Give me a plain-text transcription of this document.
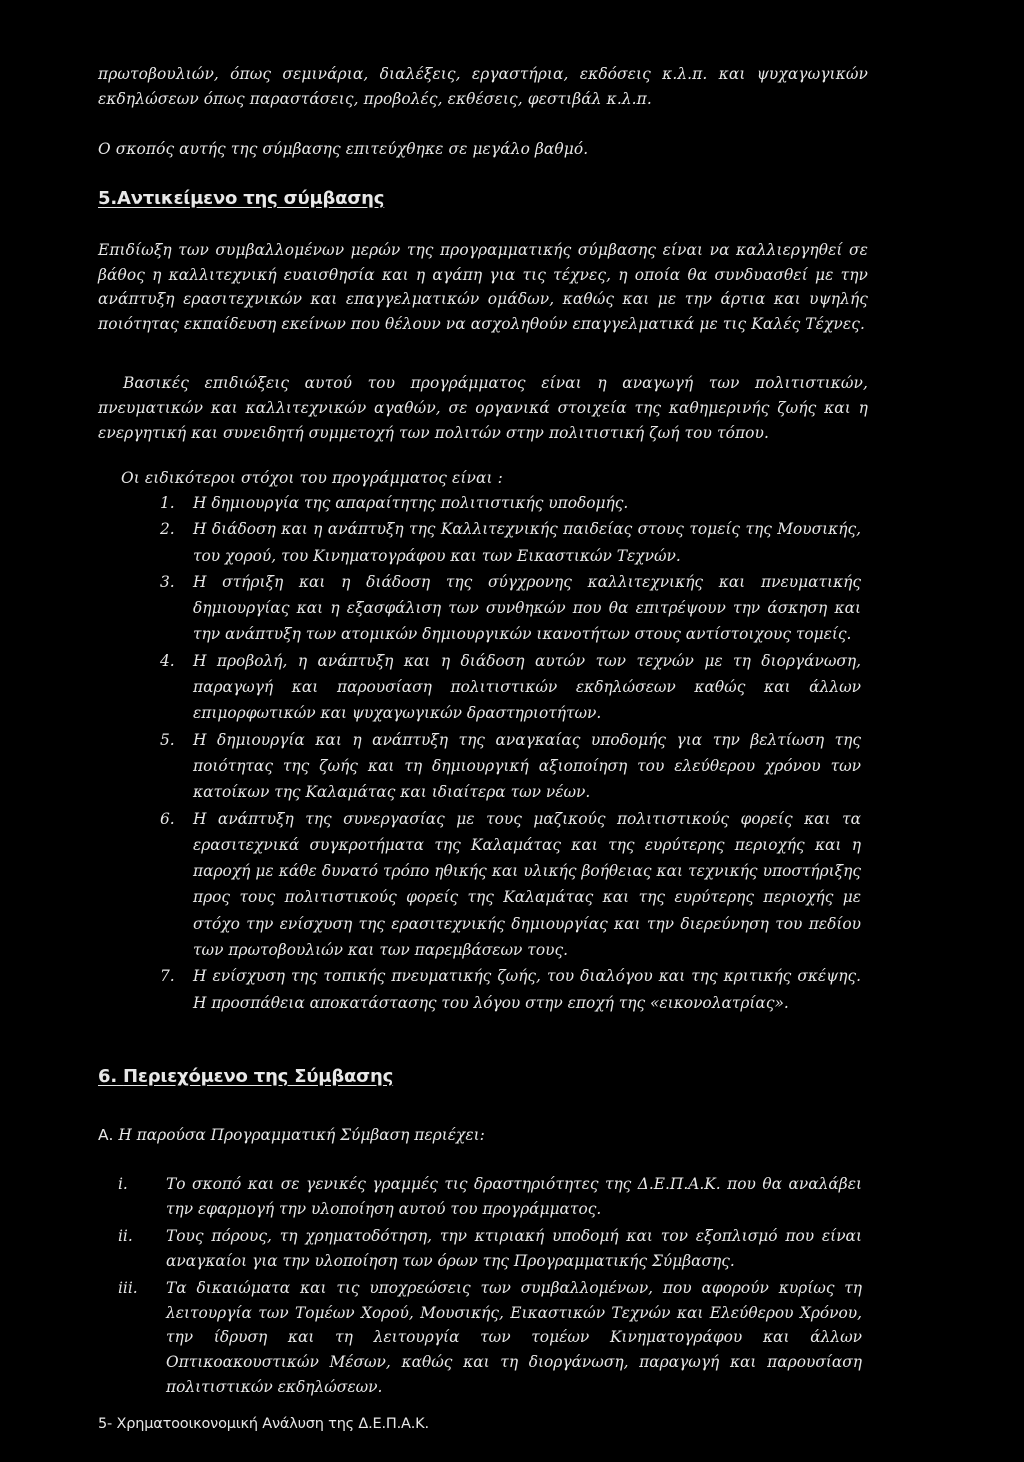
πρωτοβουλιών, όπως σεμινάρια, διαλέξεις, εργαστήρια, εκδόσεις κ.λ.π. και ψυχαγωγικών εκδηλώσεων όπως παραστάσεις, προβολές, εκθέσεις, φεστιβάλ κ.λ.π.

Ο σκοπός αυτής της σύμβασης επιτεύχθηκε σε μεγάλο βαθμό.

5.Αντικείμενο της σύμβασης

Επιδίωξη των συμβαλλομένων μερών της προγραμματικής σύμβασης είναι να καλλιεργηθεί σε βάθος η καλλιτεχνική ευαισθησία και η αγάπη για τις τέχνες, η οποία θα συνδυασθεί με την ανάπτυξη ερασιτεχνικών και επαγγελματικών ομάδων, καθώς και με την άρτια και υψηλής ποιότητας εκπαίδευση εκείνων που θέλουν να ασχοληθούν επαγγελματικά με τις Καλές Τέχνες.

Βασικές επιδιώξεις αυτού του προγράμματος είναι η αναγωγή των πολιτιστικών, πνευματικών και καλλιτεχνικών αγαθών, σε οργανικά στοιχεία της καθημερινής ζωής και η ενεργητική και συνειδητή συμμετοχή των πολιτών στην πολιτιστική ζωή του τόπου.

Οι ειδικότεροι στόχοι του προγράμματος είναι :

1. Η δημιουργία της απαραίτητης πολιτιστικής υποδομής.
2. Η διάδοση και η ανάπτυξη της Καλλιτεχνικής παιδείας στους τομείς της Μουσικής, του χορού, του Κινηματογράφου και των Εικαστικών Τεχνών.
3. Η στήριξη και η διάδοση της σύγχρονης καλλιτεχνικής και πνευματικής δημιουργίας και η εξασφάλιση των συνθηκών που θα επιτρέψουν την άσκηση και την ανάπτυξη των ατομικών δημιουργικών ικανοτήτων στους αντίστοιχους τομείς.
4. Η προβολή, η ανάπτυξη και η διάδοση αυτών των τεχνών με τη διοργάνωση, παραγωγή και παρουσίαση πολιτιστικών εκδηλώσεων καθώς και άλλων επιμορφωτικών και ψυχαγωγικών δραστηριοτήτων.
5. Η δημιουργία και η ανάπτυξη της αναγκαίας υποδομής για την βελτίωση της ποιότητας της ζωής και τη δημιουργική αξιοποίηση του ελεύθερου χρόνου των κατοίκων της Καλαμάτας και ιδιαίτερα των νέων.
6. Η ανάπτυξη της συνεργασίας με τους μαζικούς πολιτιστικούς φορείς και τα ερασιτεχνικά συγκροτήματα της Καλαμάτας και της ευρύτερης περιοχής και η παροχή με κάθε δυνατό τρόπο ηθικής και υλικής βοήθειας και τεχνικής υποστήριξης προς τους πολιτιστικούς φορείς της Καλαμάτας και της ευρύτερης περιοχής με στόχο την ενίσχυση της ερασιτεχνικής δημιουργίας και την διερεύνηση του πεδίου των πρωτοβουλιών και των παρεμβάσεων τους.
7. Η ενίσχυση της τοπικής πνευματικής ζωής, του διαλόγου και της κριτικής σκέψης. Η προσπάθεια αποκατάστασης του λόγου στην εποχή της «εικονολατρίας».
6. Περιεχόμενο της Σύμβασης

Α. Η παρούσα Προγραμματική Σύμβαση περιέχει:

i. Το σκοπό και σε γενικές γραμμές τις δραστηριότητες της Δ.Ε.Π.Α.Κ. που θα αναλάβει την εφαρμογή την υλοποίηση αυτού του προγράμματος.
ii. Τους πόρους, τη χρηματοδότηση, την κτιριακή υποδομή και τον εξοπλισμό που είναι αναγκαίοι για την υλοποίηση των όρων της Προγραμματικής Σύμβασης.
iii. Τα δικαιώματα και τις υποχρεώσεις των συμβαλλομένων, που αφορούν κυρίως τη λειτουργία των Τομέων Χορού, Μουσικής, Εικαστικών Τεχνών και Ελεύθερου Χρόνου, την ίδρυση και τη λειτουργία των τομέων Κινηματογράφου και άλλων Οπτικοακουστικών Μέσων, καθώς και τη διοργάνωση, παραγωγή και παρουσίαση πολιτιστικών εκδηλώσεων.

5- Χρηματοοικονομική Ανάλυση της Δ.Ε.Π.Α.Κ.
